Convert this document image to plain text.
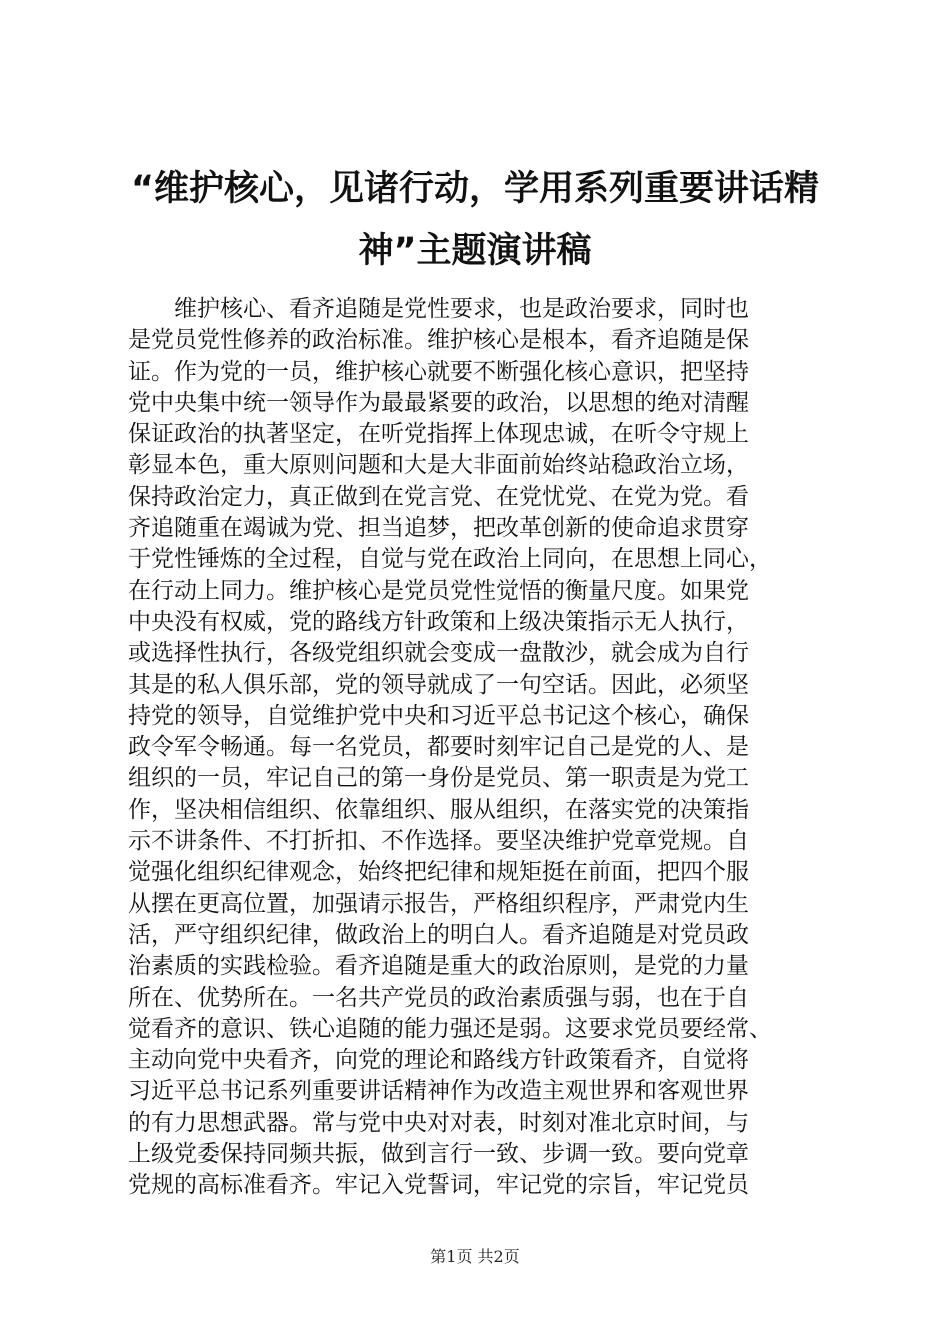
“维护核心，见诸行动，学用系列重要讲话精
神”主题演讲稿
维护核心、看齐追随是党性要求，也是政治要求，同时也
是党员党性修养的政治标准。维护核心是根本，看齐追随是保
证。作为党的一员，维护核心就要不断强化核心意识，把坚持
党中央集中统一领导作为最最紧要的政治，以思想的绝对清醒
保证政治的执著坚定，在听党指挥上体现忠诚，在听令守规上
彰显本色，重大原则问题和大是大非面前始终站稳政治立场，
保持政治定力，真正做到在党言党、在党忧党、在党为党。看
齐追随重在竭诚为党、担当追梦，把改革创新的使命追求贯穿
于党性锤炼的全过程，自觉与党在政治上同向，在思想上同心，
在行动上同力。维护核心是党员党性觉悟的衡量尺度。如果党
中央没有权威，党的路线方针政策和上级决策指示无人执行，
或选择性执行，各级党组织就会变成一盘散沙，就会成为自行
其是的私人俱乐部，党的领导就成了一句空话。因此，必须坚
持党的领导，自觉维护党中央和习近平总书记这个核心，确保
政令军令畅通。每一名党员，都要时刻牢记自己是党的人、是
组织的一员，牢记自己的第一身份是党员、第一职责是为党工
作，坚决相信组织、依靠组织、服从组织，在落实党的决策指
示不讲条件、不打折扣、不作选择。要坚决维护党章党规。自
觉强化组织纪律观念，始终把纪律和规矩挺在前面，把四个服
从摆在更高位置，加强请示报告，严格组织程序，严肃党内生
活，严守组织纪律，做政治上的明白人。看齐追随是对党员政
治素质的实践检验。看齐追随是重大的政治原则，是党的力量
所在、优势所在。一名共产党员的政治素质强与弱，也在于自
觉看齐的意识、铁心追随的能力强还是弱。这要求党员要经常、
主动向党中央看齐，向党的理论和路线方针政策看齐，自觉将
习近平总书记系列重要讲话精神作为改造主观世界和客观世界
的有力思想武器。常与党中央对对表，时刻对准北京时间，与
上级党委保持同频共振，做到言行一致、步调一致。要向党章
党规的高标准看齐。牢记入党誓词，牢记党的宗旨，牢记党员
第1页 共2页
